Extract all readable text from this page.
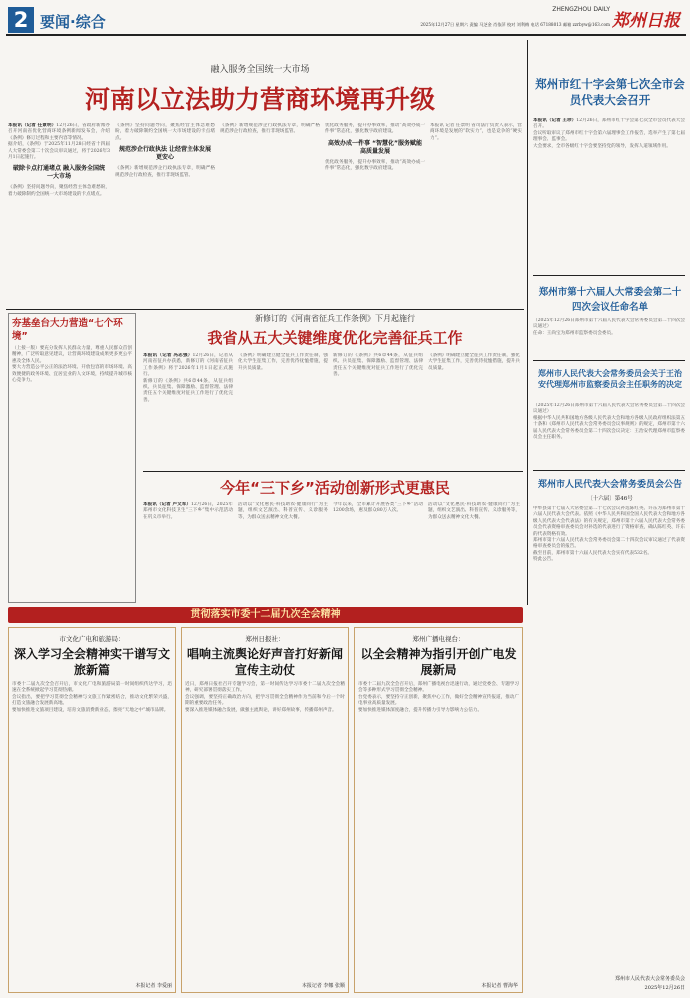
2 要闻·综合
ZHENGZHOU DAILY
郑州日报
2025年12月27日 星期六 责编 马芝金 肖依萍 校对 刘利梅 电话 67188013 邮箱 zzrbyw@163.com
融入服务全国统一大市场
河南以立法助力营商环境再升级
本报讯（记者 任景明）12月26日，省政府新闻办召开河南省优化营商环境条例新闻发布会，介绍《条例》修订过程和主要内容等情况。
据介绍，《条例》于2025年11月28日经省十四届人大常委会第二十次会议审议通过，将于2026年3月1日起施行。
破除卡点打通堵点 融入服务全国统一大市场
《条例》坚持问题导向，聚焦经营主体急难愁盼，着力破除制约全国统一大市场建设的卡点堵点。
《条例》坚持问题导向，聚焦经营主体急难愁盼，着力破除制约全国统一大市场建设的卡点堵点。
规范涉企行政执法 让经营主体发展更安心
《条例》新增规范涉企行政执法专章，明确严格规范涉企行政检查，推行非现场监管。
《条例》新增规范涉企行政执法专章，明确严格规范涉企行政检查，推行非现场监管。
优化政务服务，提升办事效率，推动“高效办成一件事”常态化，强化数字政府建设。
高效办成一件事 “智慧化”服务赋能高质量发展
优化政务服务，提升办事效率，推动“高效办成一件事”常态化，强化数字政府建设。
本报讯 记者 任景明 省司法厅负责人表示，营商环境是发展的“软实力”，也是竞争的“硬实力”。
郑州市红十字会第七次全市会员代表大会召开
本报讯（记者 王珍）12月26日，郑州市红十字会第七次全市会员代表大会召开。
会议听取审议了郑州市红十字会第六届理事会工作报告，选举产生了第七届理事会、监事会。
大会要求，全市各级红十字会要坚持党的领导，发挥人道领域作用。
郑州市第十六届人大常委会第二十四次会议任命名单
（2025年12月26日郑州市第十六届人民代表大会常务委员会第二十四次会议通过）
任命：王尚宝为郑州市监察委员会委员。
郑州市人民代表大会常务委员会关于王治安代理郑州市监察委员会主任职务的决定
（2025年12月26日郑州市第十六届人民代表大会常务委员会第二十四次会议通过）
根据中华人民共和国地方各级人民代表大会和地方各级人民政府组织法第五十条和《郑州市人民代表大会常务委员会议事规则》的规定，郑州市第十六届人民代表大会常务委员会第二十四次会议决定：王治安代理郑州市监察委员会主任职务。
郑州市人民代表大会常务委员会公告
〔十六届〕第46号
中牟县第十七届人大常委会第二十七次会议补选陈红英、许东为郑州市第十六届人民代表大会代表。依照《中华人民共和国全国人民代表大会和地方各级人民代表大会代表法》的有关规定，郑州市第十六届人民代表大会常务委员会代表资格审查委员会对补选的代表进行了资格审查，确认陈红英、许东的代表资格有效。
郑州市第十六届人民代表大会常务委员会第二十四次会议审议通过了代表资格审查委员会的报告。
截至目前，郑州市第十六届人民代表大会实有代表532名。
特此公告。
郑州市人民代表大会常务委员会
2025年12月26日
夯基垒台大力营造“七个环境”
（上接一版）要充分发挥人民群众力量，尊重人民群众首创精神，广泛听取意见建议，让营商环境建设成果更多更公平惠及全体人民。
要大力营造公平公正的法治环境、开放包容的市场环境、高效便捷的政务环境、宜居宜业的人文环境，持续提升城市核心竞争力。
新修订的《河南省征兵工作条例》下月起施行
我省从五大关键维度优化完善征兵工作
本报讯（记者 冯志强）12月26日，记者从河南省征兵办获悉，新修订的《河南省征兵工作条例》将于2026年1月1日起正式施行。
新修订的《条例》共6章44条，从征兵组织、兵员征集、保障激励、监督管理、法律责任五个关键维度对征兵工作进行了优化完善。
《条例》明确建立健全征兵工作责任制，强化大学生征集工作，完善优待抚恤措施，提升兵员质量。
新修订的《条例》共6章44条，从征兵组织、兵员征集、保障激励、监督管理、法律责任五个关键维度对征兵工作进行了优化完善。
《条例》明确建立健全征兵工作责任制，强化大学生征集工作，完善优待抚恤措施，提升兵员质量。
今年“三下乡”活动创新形式更惠民
本报讯（记者 卢文军）12月26日，2025年郑州市文化科技卫生“三下乡”集中示范活动在巩义市举行。
活动以“文化惠民·科技助农·健康同行”为主题，组织文艺演出、科普宣传、义诊服务等，为群众送去精神文化大餐。
今年以来，全市累计开展各类“三下乡”活动1200余场，惠及群众80万人次。
活动以“文化惠民·科技助农·健康同行”为主题，组织文艺演出、科普宣传、义诊服务等，为群众送去精神文化大餐。
贯彻落实市委十二届九次全会精神
市文化广电和旅游局：
深入学习全会精神实干谱写文旅新篇
市委十二届九次全会召开后，市文化广电和旅游局第一时间组织传达学习，迅速在全系统掀起学习贯彻热潮。
会议指出，要把学习贯彻全会精神与文旅工作紧密结合，推动文化繁荣兴盛，打造文旅融合发展新高地。
要加快推进文旅项目建设，培育文旅消费新业态，擦亮“天地之中”城市品牌。
本报记者 李爱丽
郑州日报社：
唱响主流舆论好声音打好新闻宣传主动仗
近日，郑州日报社召开专题学习会，第一时间传达学习市委十二届九次全会精神，研究部署贯彻落实工作。
会议强调，要坚持正确政治方向，把学习贯彻全会精神作为当前和今后一个时期的重要政治任务。
要深入推进媒体融合发展，做强主流舆论，讲好郑州故事，传播郑州声音。
本报记者 李娜 张顺
郑州广播电视台：
以全会精神为指引开创广电发展新局
市委十二届九次全会召开后，郑州广播电视台迅速行动，通过党委会、专题学习会等多种形式学习贯彻全会精神。
台党委表示，要坚持守正创新，聚焦中心工作，做好全会精神宣传报道，推动广电事业高质量发展。
要加快推进媒体深度融合，提升传播力引导力影响力公信力。
本报记者 曹海华
